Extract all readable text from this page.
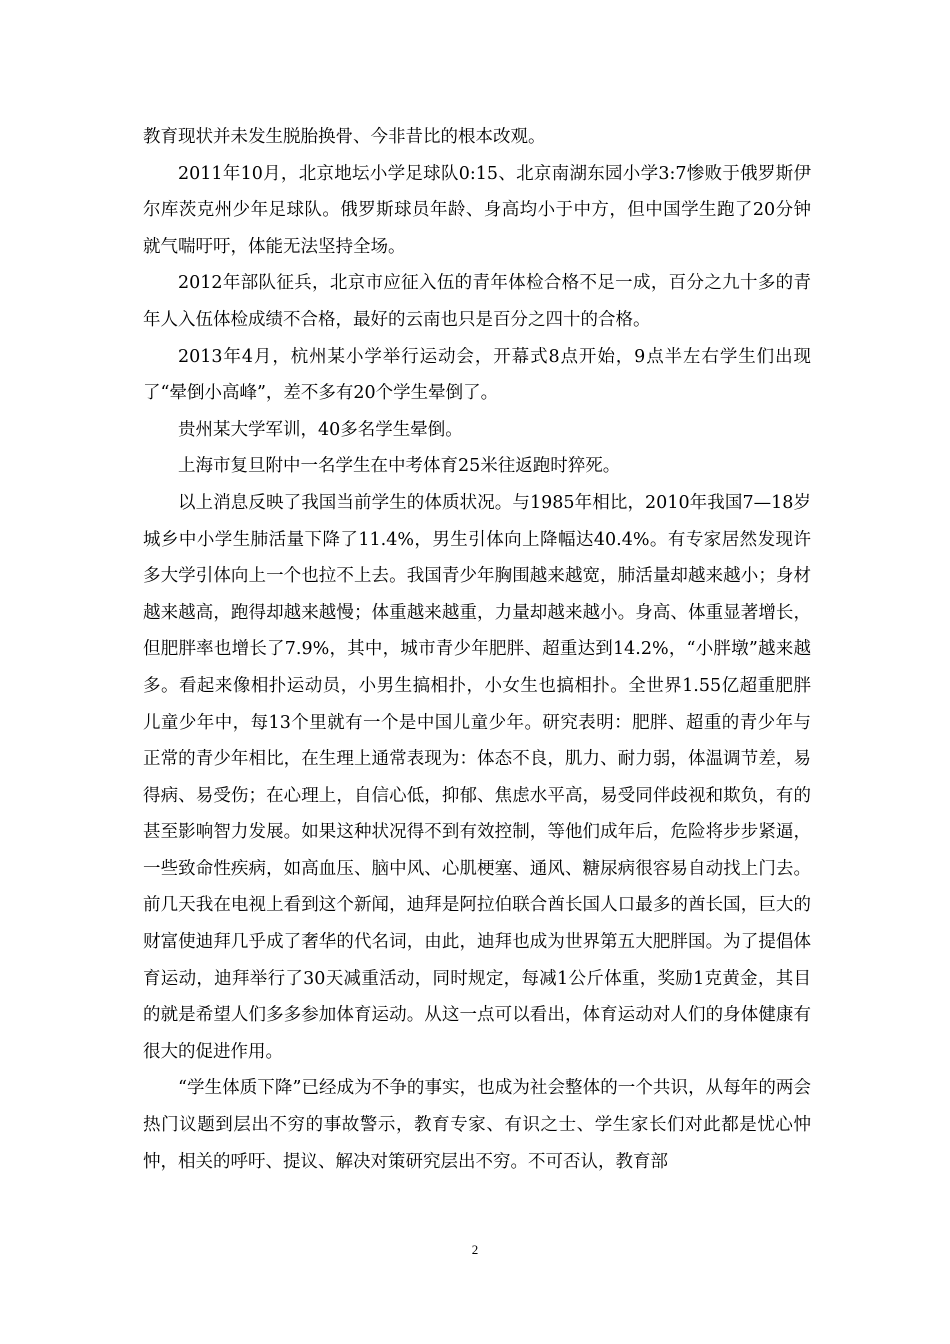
教育现状并未发生脱胎换骨、今非昔比的根本改观。

2011年10月，北京地坛小学足球队0:15、北京南湖东园小学3:7惨败于俄罗斯伊尔库茨克州少年足球队。俄罗斯球员年龄、身高均小于中方，但中国学生跑了20分钟就气喘吁吁，体能无法坚持全场。

2012年部队征兵，北京市应征入伍的青年体检合格不足一成，百分之九十多的青年人入伍体检成绩不合格，最好的云南也只是百分之四十的合格。

2013年4月，杭州某小学举行运动会，开幕式8点开始，9点半左右学生们出现了“晕倒小高峰”，差不多有20个学生晕倒了。

贵州某大学军训，40多名学生晕倒。

上海市复旦附中一名学生在中考体育25米往返跑时猝死。

以上消息反映了我国当前学生的体质状况。与1985年相比，2010年我国7—18岁城乡中小学生肺活量下降了11.4%，男生引体向上降幅达40.4%。有专家居然发现许多大学引体向上一个也拉不上去。我国青少年胸围越来越宽，肺活量却越来越小；身材越来越高，跑得却越来越慢；体重越来越重，力量却越来越小。身高、体重显著增长，但肥胖率也增长了7.9%，其中，城市青少年肥胖、超重达到14.2%，“小胖墩”越来越多。看起来像相扑运动员，小男生搞相扑，小女生也搞相扑。全世界1.55亿超重肥胖儿童少年中，每13个里就有一个是中国儿童少年。研究表明：肥胖、超重的青少年与正常的青少年相比，在生理上通常表现为：体态不良，肌力、耐力弱，体温调节差，易得病、易受伤；在心理上，自信心低，抑郁、焦虑水平高，易受同伴歧视和欺负，有的甚至影响智力发展。如果这种状况得不到有效控制，等他们成年后，危险将步步紧逼，一些致命性疾病，如高血压、脑中风、心肌梗塞、通风、糖尿病很容易自动找上门去。前几天我在电视上看到这个新闻，迪拜是阿拉伯联合酋长国人口最多的酋长国，巨大的财富使迪拜几乎成了奢华的代名词，由此，迪拜也成为世界第五大肥胖国。为了提倡体育运动，迪拜举行了30天减重活动，同时规定，每减1公斤体重，奖励1克黄金，其目的就是希望人们多多参加体育运动。从这一点可以看出，体育运动对人们的身体健康有很大的促进作用。

“学生体质下降”已经成为不争的事实，也成为社会整体的一个共识，从每年的两会热门议题到层出不穷的事故警示，教育专家、有识之士、学生家长们对此都是忧心忡忡，相关的呼吁、提议、解决对策研究层出不穷。不可否认，教育部

2
